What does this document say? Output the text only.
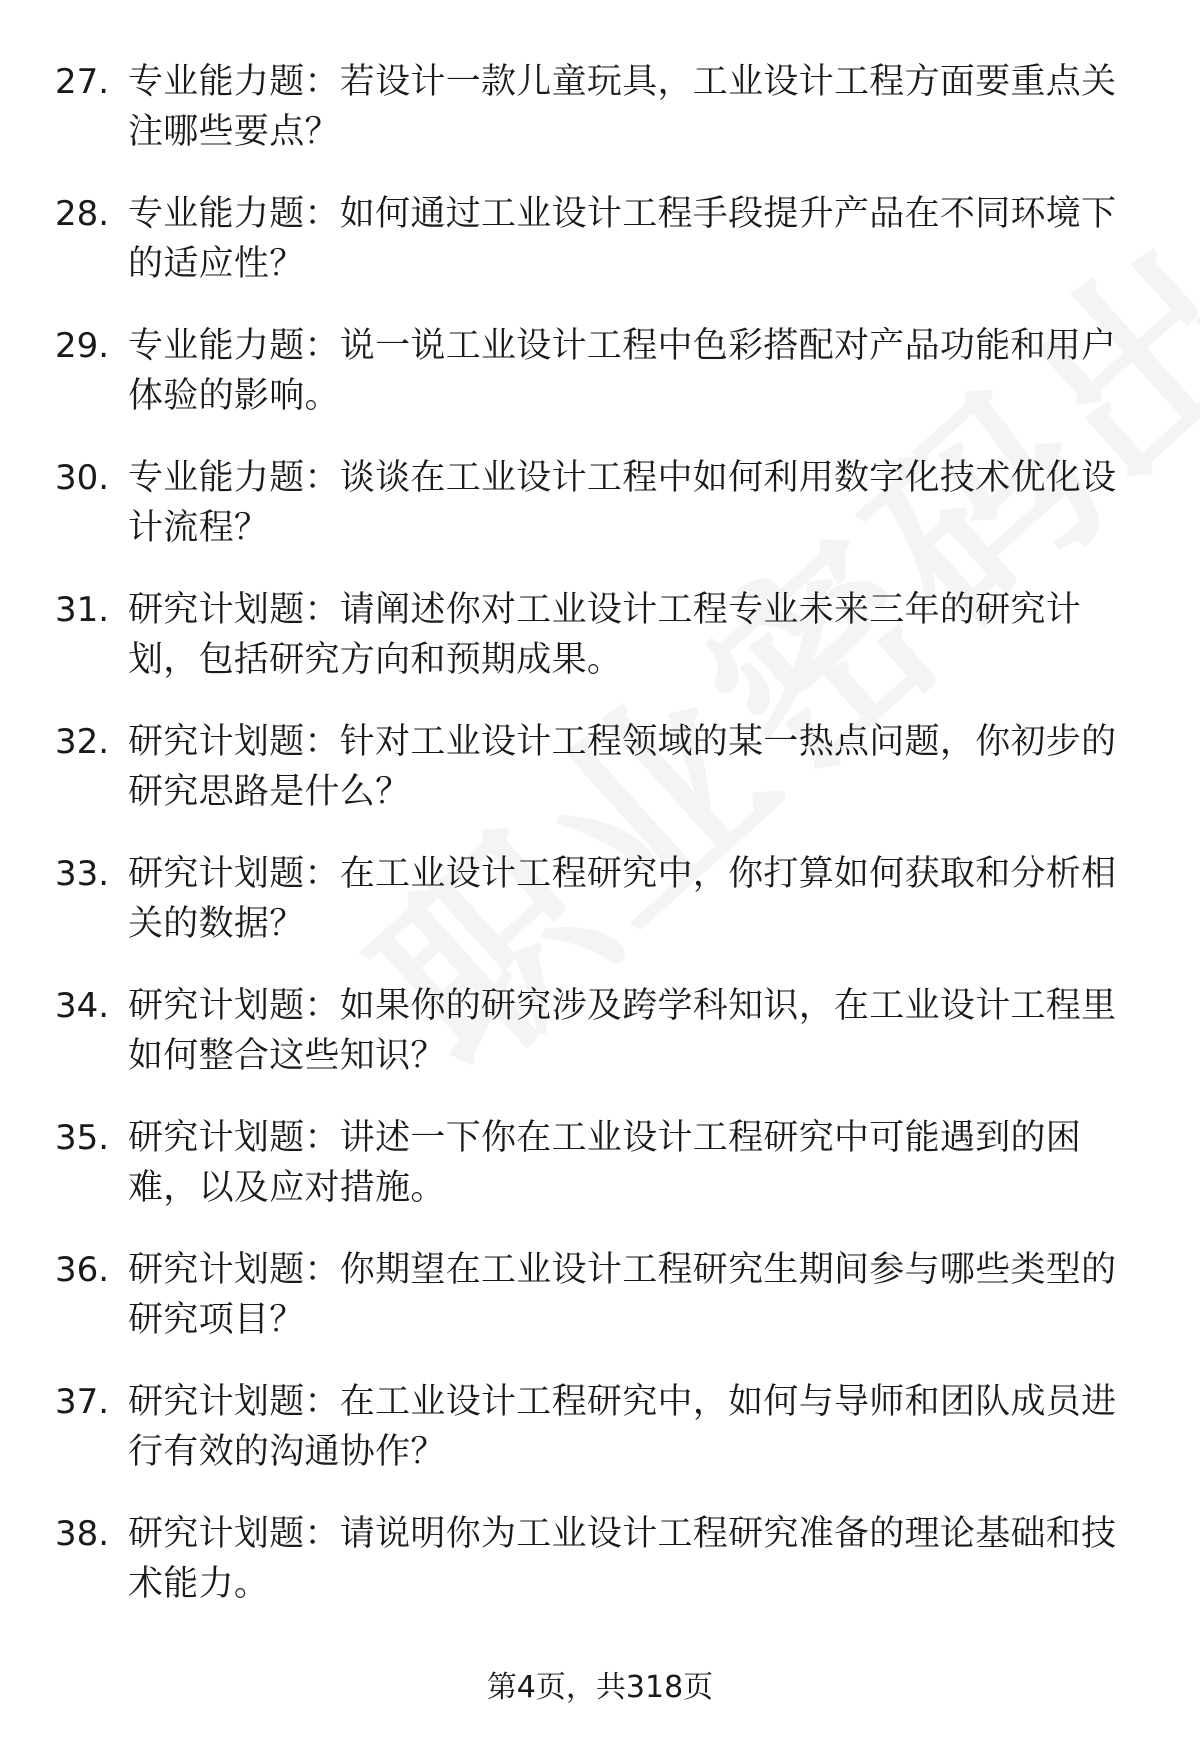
27. 专业能力题：若设计一款儿童玩具，工业设计工程方面要重点关注哪些要点？
28. 专业能力题：如何通过工业设计工程手段提升产品在不同环境下的适应性？
29. 专业能力题：说一说工业设计工程中色彩搭配对产品功能和用户体验的影响。
30. 专业能力题：谈谈在工业设计工程中如何利用数字化技术优化设计流程？
31. 研究计划题：请阐述你对工业设计工程专业未来三年的研究计划，包括研究方向和预期成果。
32. 研究计划题：针对工业设计工程领域的某一热点问题，你初步的研究思路是什么？
33. 研究计划题：在工业设计工程研究中，你打算如何获取和分析相关的数据？
34. 研究计划题：如果你的研究涉及跨学科知识，在工业设计工程里如何整合这些知识？
35. 研究计划题：讲述一下你在工业设计工程研究中可能遇到的困难，以及应对措施。
36. 研究计划题：你期望在工业设计工程研究生期间参与哪些类型的研究项目？
37. 研究计划题：在工业设计工程研究中，如何与导师和团队成员进行有效的沟通协作？
38. 研究计划题：请说明你为工业设计工程研究准备的理论基础和技术能力。
第4页，共318页
